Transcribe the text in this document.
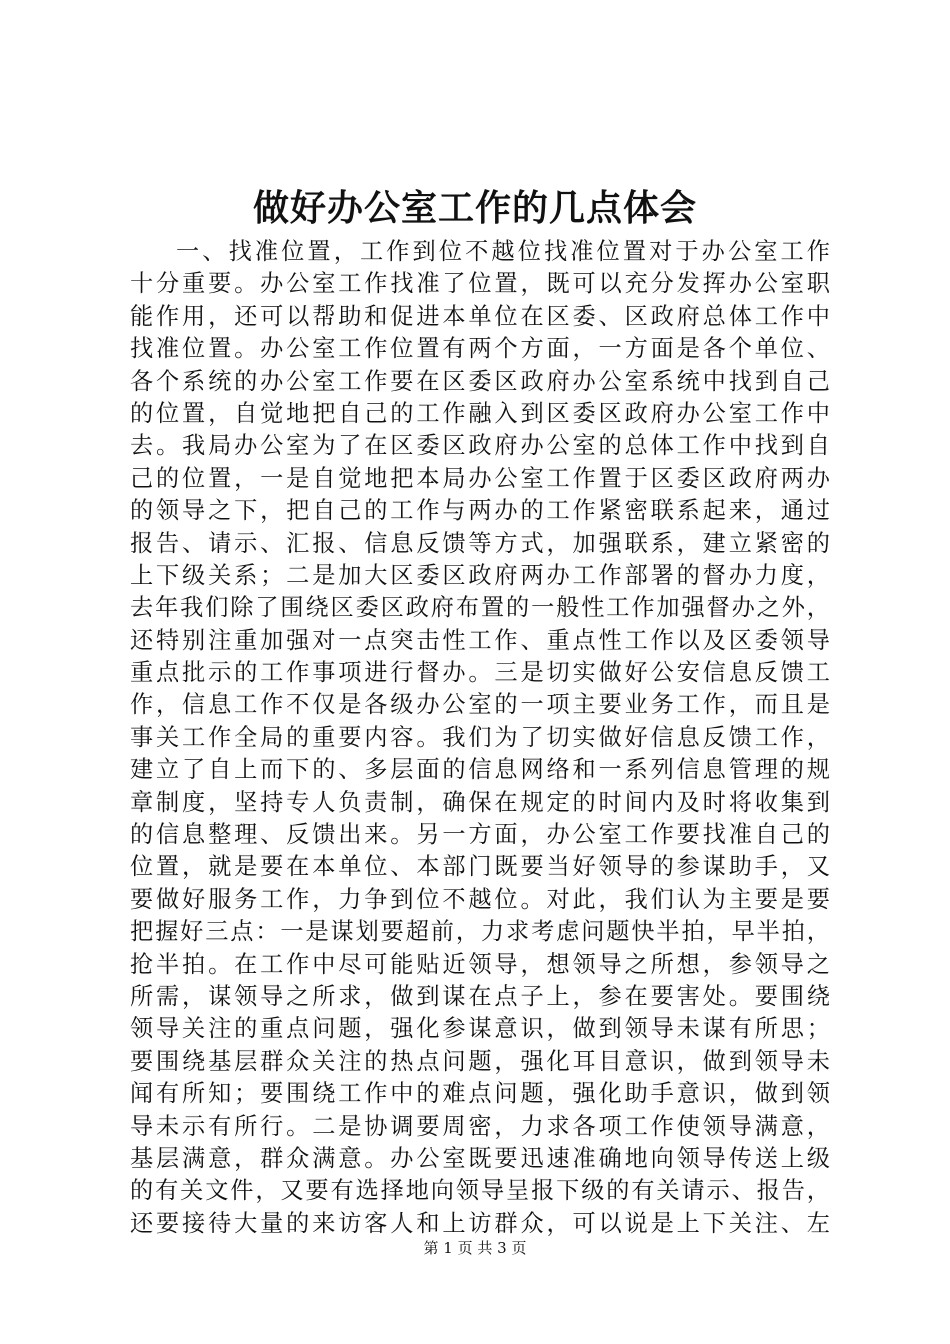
做好办公室工作的几点体会
一、找准位置，工作到位不越位找准位置对于办公室工作
十分重要。办公室工作找准了位置，既可以充分发挥办公室职
能作用，还可以帮助和促进本单位在区委、区政府总体工作中
找准位置。办公室工作位置有两个方面，一方面是各个单位、
各个系统的办公室工作要在区委区政府办公室系统中找到自己
的位置，自觉地把自己的工作融入到区委区政府办公室工作中
去。我局办公室为了在区委区政府办公室的总体工作中找到自
己的位置，一是自觉地把本局办公室工作置于区委区政府两办
的领导之下，把自己的工作与两办的工作紧密联系起来，通过
报告、请示、汇报、信息反馈等方式，加强联系，建立紧密的
上下级关系；二是加大区委区政府两办工作部署的督办力度，
去年我们除了围绕区委区政府布置的一般性工作加强督办之外，
还特别注重加强对一点突击性工作、重点性工作以及区委领导
重点批示的工作事项进行督办。三是切实做好公安信息反馈工
作，信息工作不仅是各级办公室的一项主要业务工作，而且是
事关工作全局的重要内容。我们为了切实做好信息反馈工作，
建立了自上而下的、多层面的信息网络和一系列信息管理的规
章制度，坚持专人负责制，确保在规定的时间内及时将收集到
的信息整理、反馈出来。另一方面，办公室工作要找准自己的
位置，就是要在本单位、本部门既要当好领导的参谋助手，又
要做好服务工作，力争到位不越位。对此，我们认为主要是要
把握好三点：一是谋划要超前，力求考虑问题快半拍，早半拍，
抢半拍。在工作中尽可能贴近领导，想领导之所想，参领导之
所需，谋领导之所求，做到谋在点子上，参在要害处。要围绕
领导关注的重点问题，强化参谋意识，做到领导未谋有所思；
要围绕基层群众关注的热点问题，强化耳目意识，做到领导未
闻有所知；要围绕工作中的难点问题，强化助手意识，做到领
导未示有所行。二是协调要周密，力求各项工作使领导满意，
基层满意，群众满意。办公室既要迅速准确地向领导传送上级
的有关文件，又要有选择地向领导呈报下级的有关请示、报告，
还要接待大量的来访客人和上访群众，可以说是上下关注、左
第 1 页 共 3 页
